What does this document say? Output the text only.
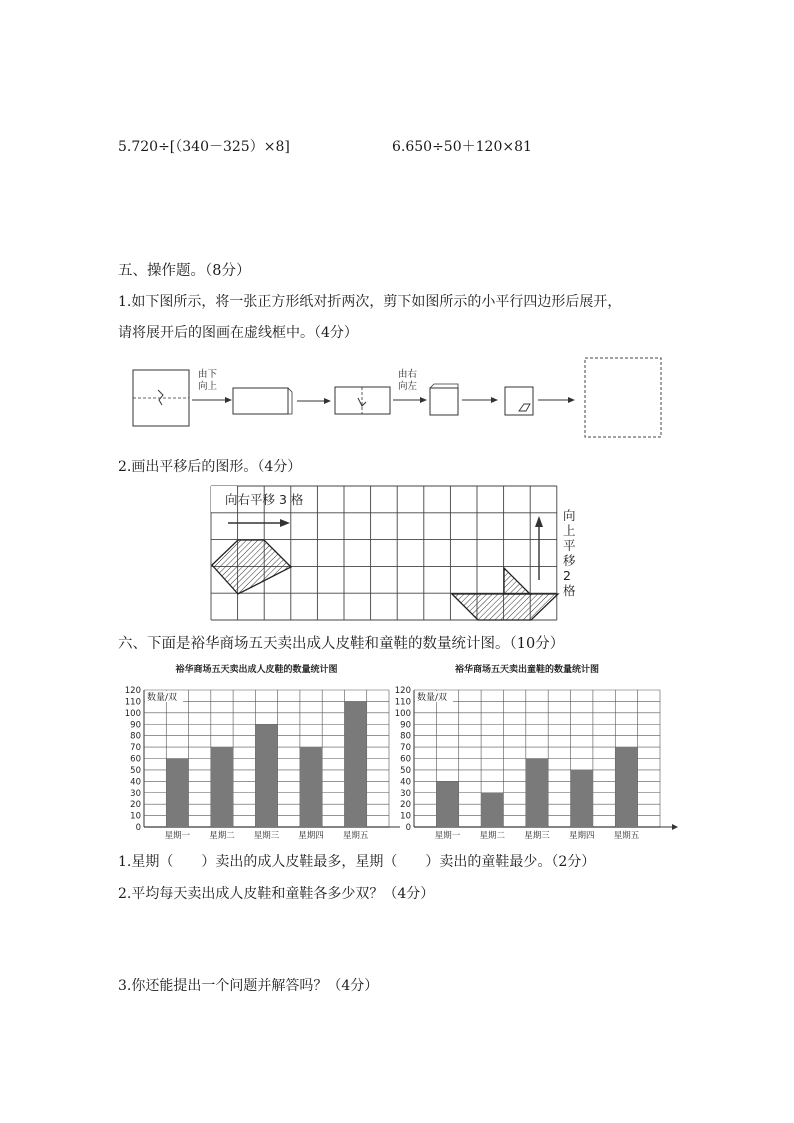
5.720÷[（340－325）×8]	6.650÷50＋120×81
五、操作题。（8分）
1.如下图所示，将一张正方形纸对折两次，剪下如图所示的小平行四边形后展开，
请将展开后的图画在虚线框中。（4分）
由下
向上
由右
向左
2.画出平移后的图形。（4分）
向右平移 3 格
向
上
平
移
2
格
六、下面是裕华商场五天卖出成人皮鞋和童鞋的数量统计图。（10分）
裕华商场五天卖出成人皮鞋的数量统计图
0
10
20
30
40
50
60
70
80
90
100
110
120
数量/双
星期一 星期二 星期三 星期四 星期五
裕华商场五天卖出童鞋的数量统计图
0
10
20
30
40
50
60
70
80
90
100
110
120
数量/双
星期一 星期二 星期三 星期四 星期五
1.星期（　　）卖出的成人皮鞋最多，星期（　　）卖出的童鞋最少。（2分）
2.平均每天卖出成人皮鞋和童鞋各多少双？（4分）
3.你还能提出一个问题并解答吗？（4分）
